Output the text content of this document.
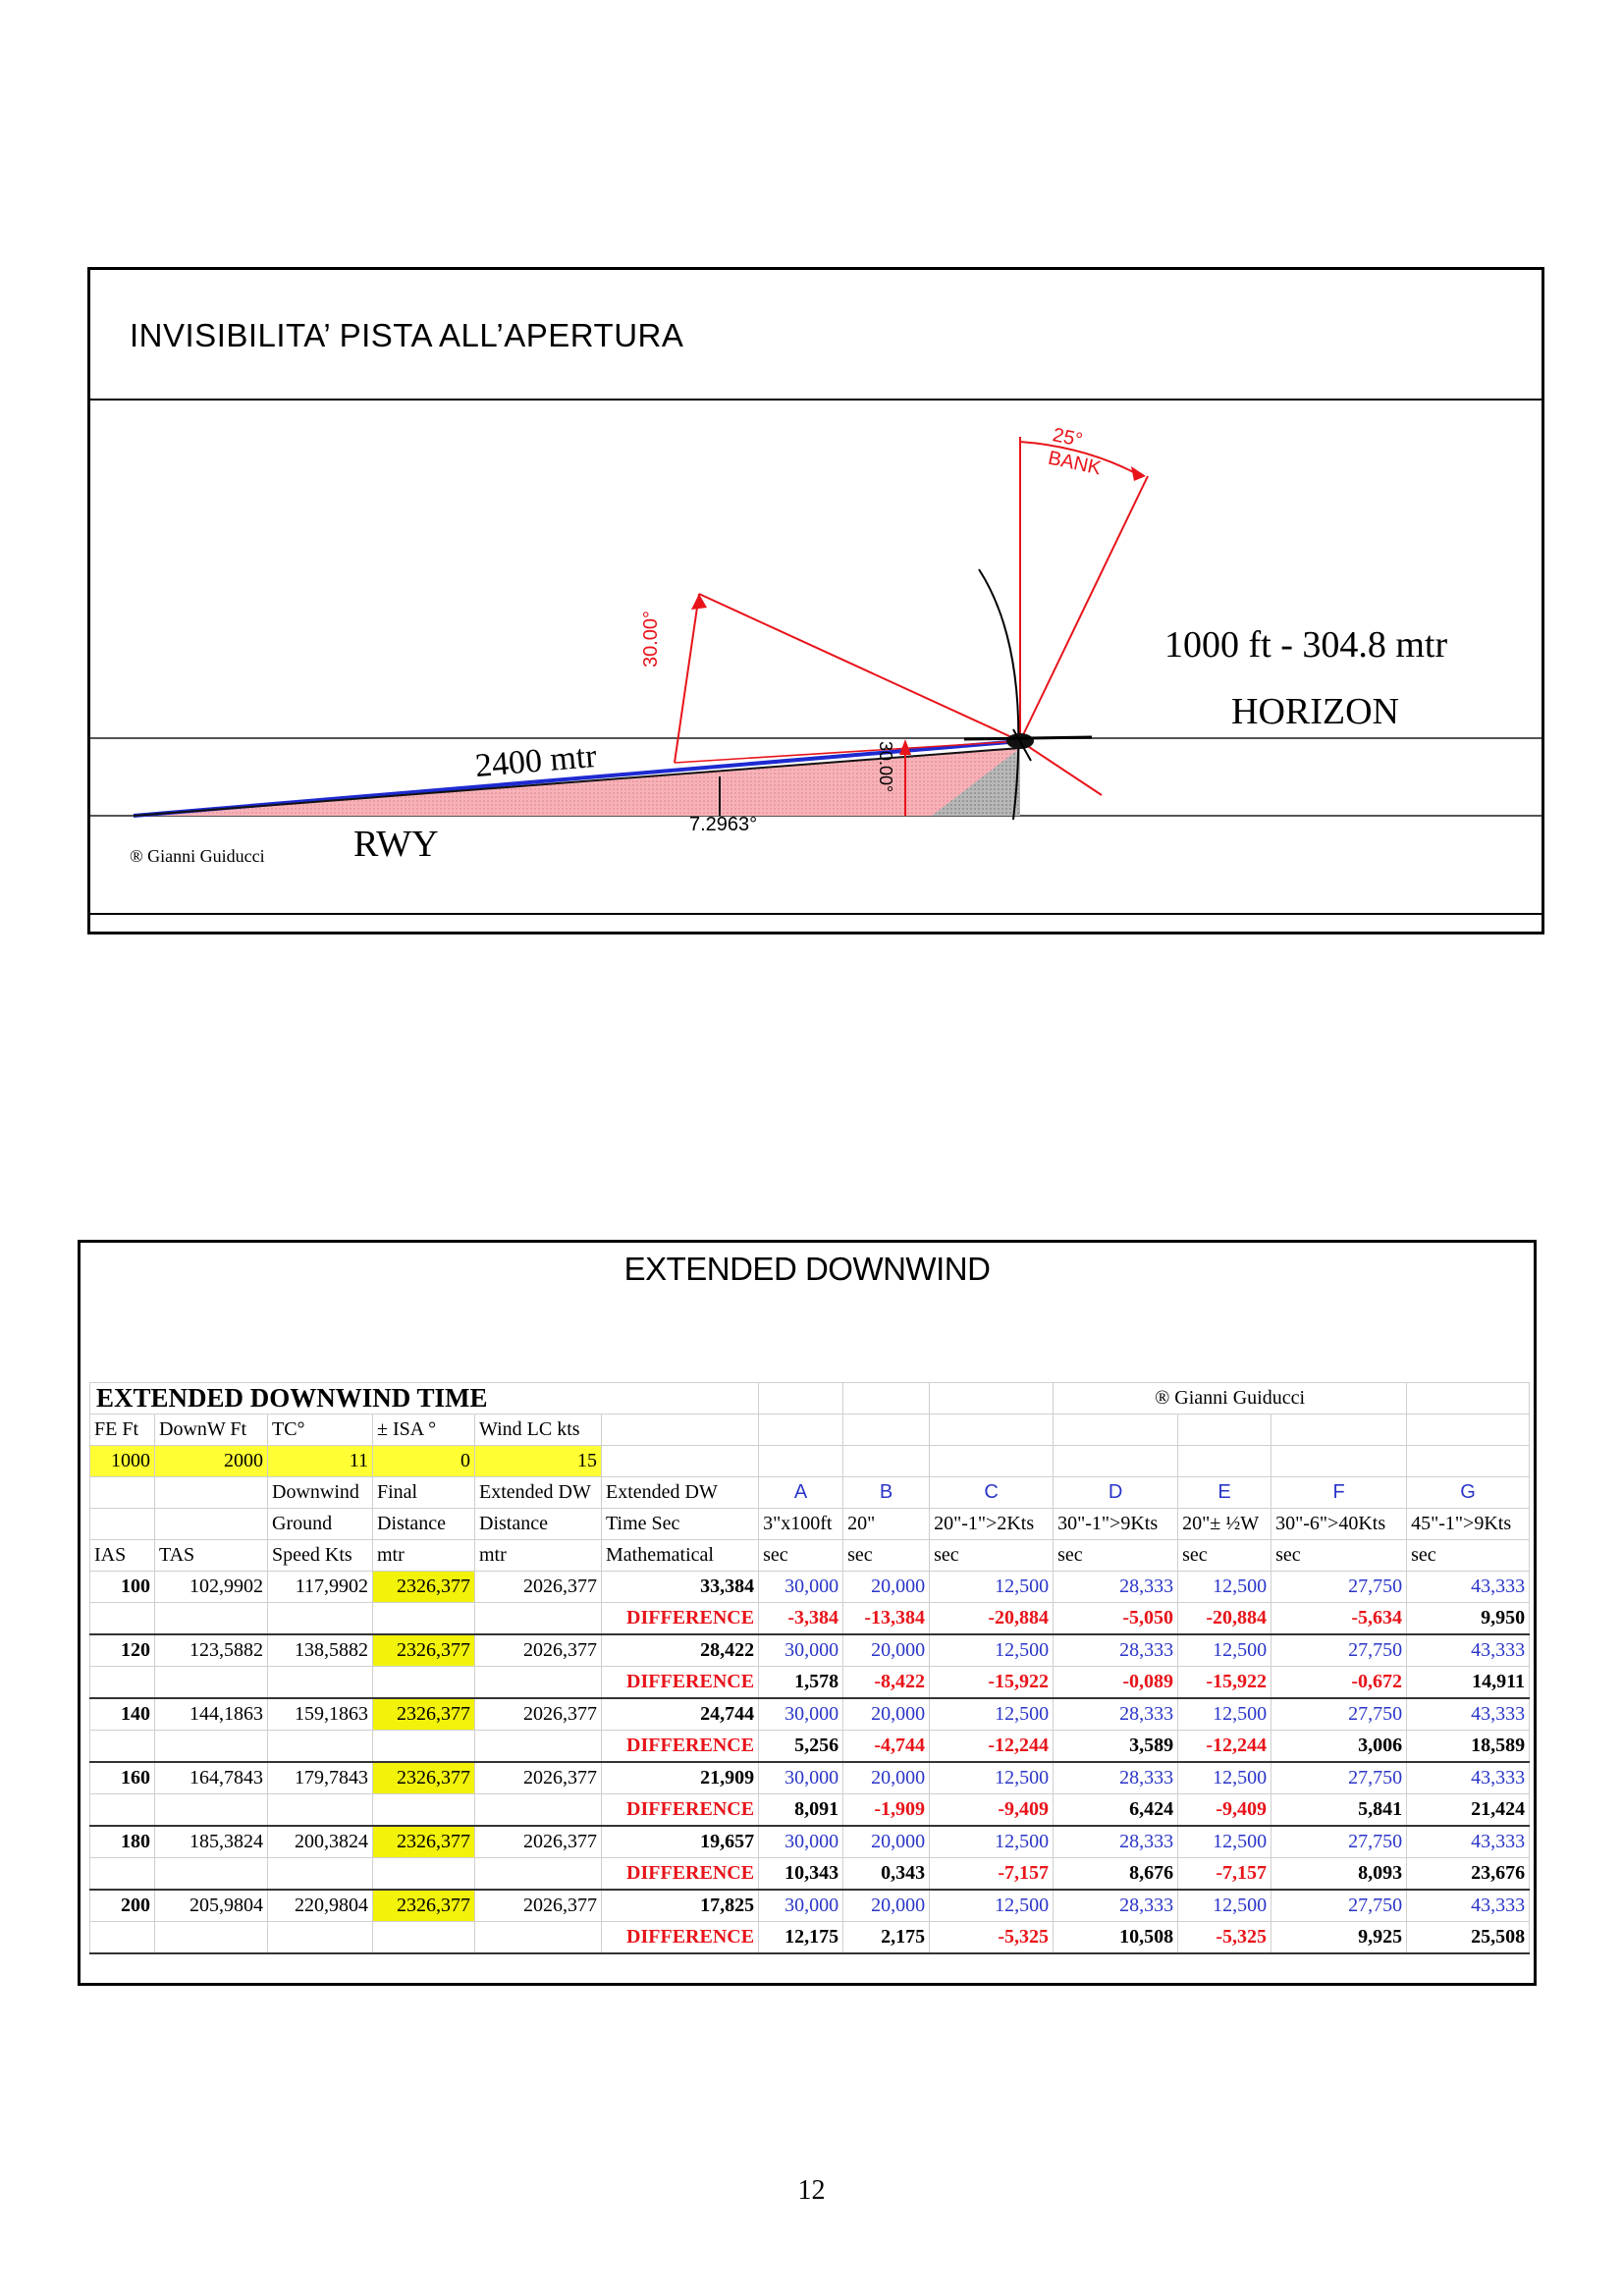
INVISIBILITA’ PISTA ALL’APERTURA
25°
BANK
30.00°
30.00°
2400 mtr
7.2963°
1000 ft - 304.8 mtr
HORIZON
RWY
® Gianni Guiducci
EXTENDED DOWNWIND
EXTENDED DOWNWIND TIME									® Gianni Guiducci			
FE Ft	DownW Ft	TC°	± ISA °	Wind LC kts								
1000	2000	11	0	15								
		Downwind	Final	Extended DW	Extended DW	A	B	C	D	E	F	G
		Ground	Distance	Distance	Time Sec	3"x100ft	20"	20"-1">2Kts	30"-1">9Kts	20"± ½W	30"-6">40Kts	45"-1">9Kts
IAS	TAS	Speed Kts	mtr	mtr	Mathematical	sec	sec	sec	sec	sec	sec	sec
100	102,9902	117,9902	2326,377	2026,377	33,384	30,000	20,000	12,500	28,333	12,500	27,750	43,333
					DIFFERENCE	-3,384	-13,384	-20,884	-5,050	-20,884	-5,634	9,950
120	123,5882	138,5882	2326,377	2026,377	28,422	30,000	20,000	12,500	28,333	12,500	27,750	43,333
					DIFFERENCE	1,578	-8,422	-15,922	-0,089	-15,922	-0,672	14,911
140	144,1863	159,1863	2326,377	2026,377	24,744	30,000	20,000	12,500	28,333	12,500	27,750	43,333
					DIFFERENCE	5,256	-4,744	-12,244	3,589	-12,244	3,006	18,589
160	164,7843	179,7843	2326,377	2026,377	21,909	30,000	20,000	12,500	28,333	12,500	27,750	43,333
					DIFFERENCE	8,091	-1,909	-9,409	6,424	-9,409	5,841	21,424
180	185,3824	200,3824	2326,377	2026,377	19,657	30,000	20,000	12,500	28,333	12,500	27,750	43,333
					DIFFERENCE	10,343	0,343	-7,157	8,676	-7,157	8,093	23,676
200	205,9804	220,9804	2326,377	2026,377	17,825	30,000	20,000	12,500	28,333	12,500	27,750	43,333
					DIFFERENCE	12,175	2,175	-5,325	10,508	-5,325	9,925	25,508
12
